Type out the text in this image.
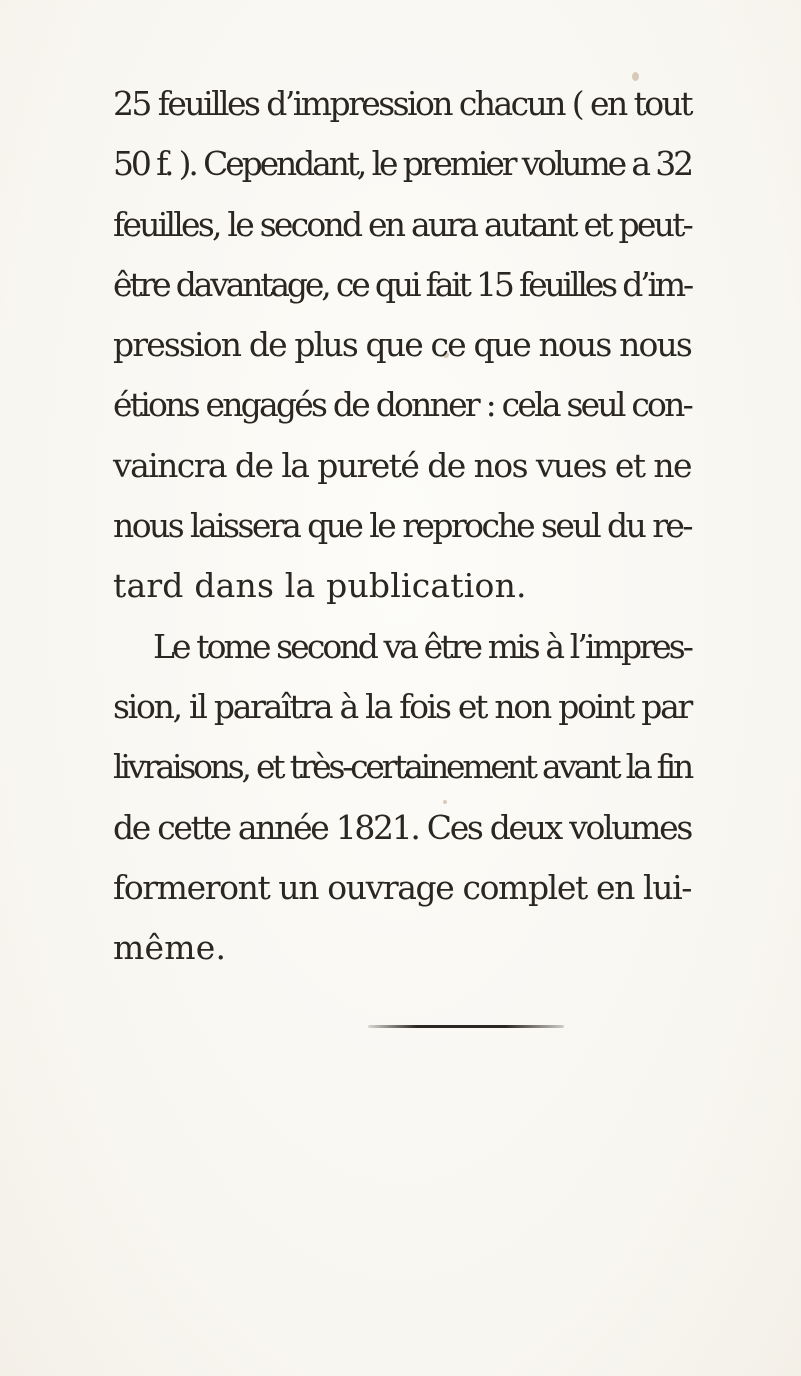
25 feuilles d’impression chacun ( en tout
50 f. ). Cependant, le premier volume a 32
feuilles, le second en aura autant et peut-
être davantage, ce qui fait 15 feuilles d’im-
pression de plus que ce que nous nous
étions engagés de donner : cela seul con-
vaincra de la pureté de nos vues et ne
nous laissera que le reproche seul du re-
tard dans la publication.
Le tome second va être mis à l’impres-
sion, il paraîtra à la fois et non point par
livraisons, et très-certainement avant la fin
de cette année 1821. Ces deux volumes
formeront un ouvrage complet en lui-
même.
